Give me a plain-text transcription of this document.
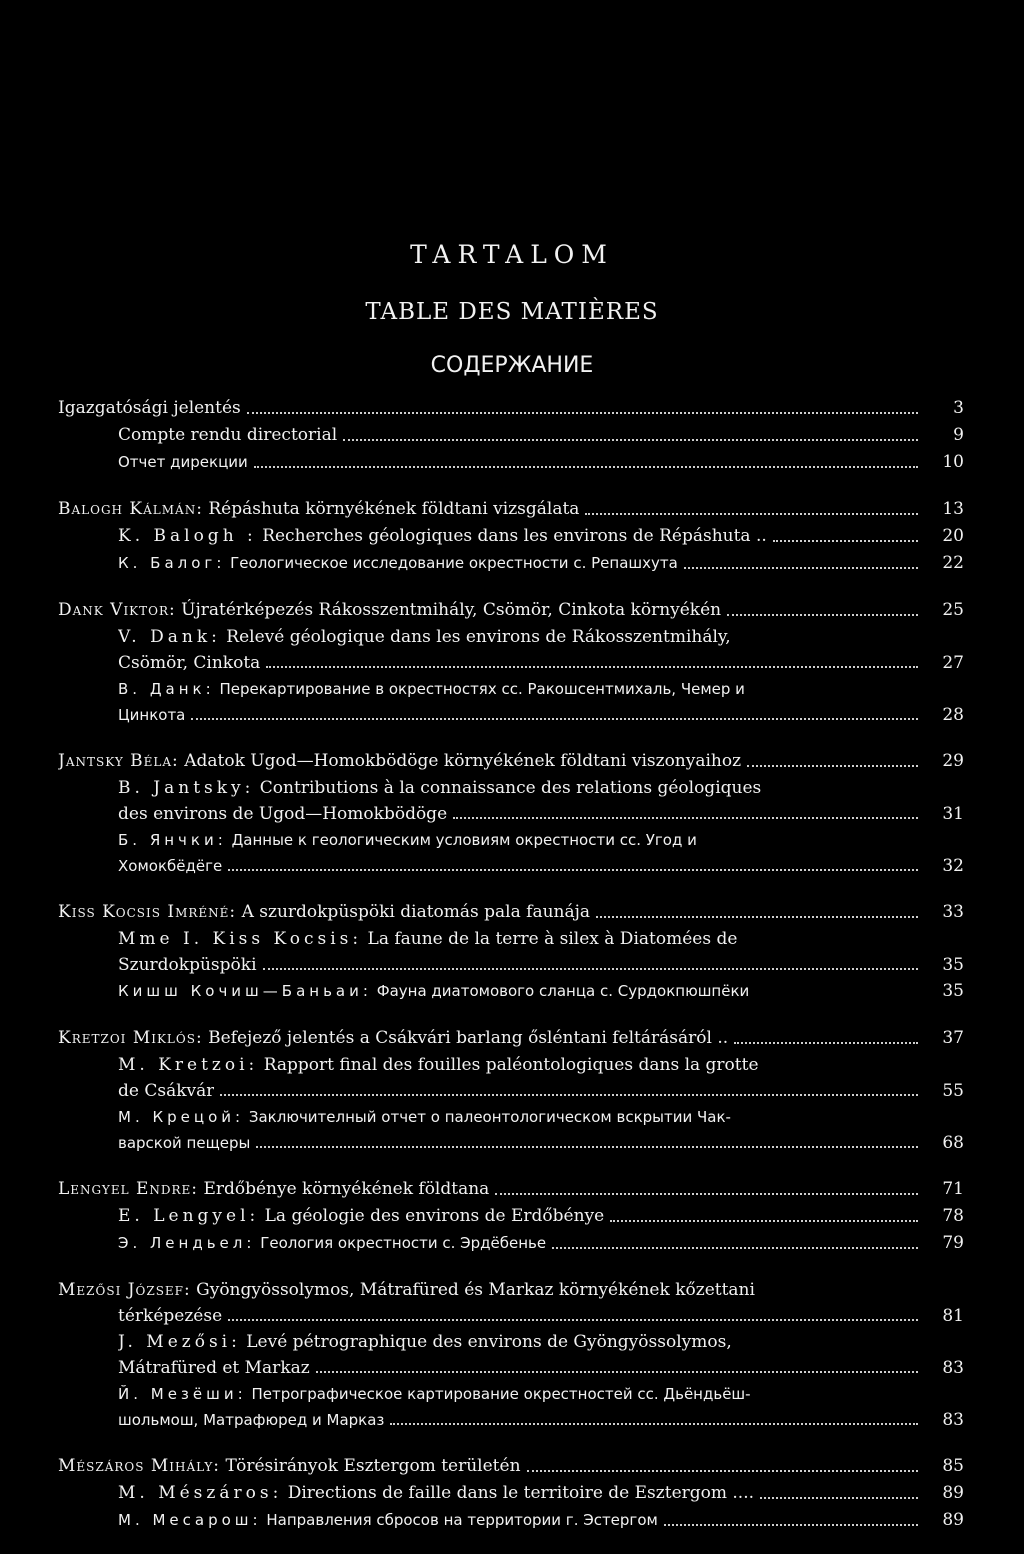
TARTALOM
TABLE DES MATIÈRES
СОДЕРЖАНИЕ
Igazgatósági jelentés	3
Compte rendu directorial	9
Отчет дирекции	10
Balogh Kálmán: Répáshuta környékének földtani vizsgálata	13
K. Balogh : Recherches géologiques dans les environs de Répáshuta ..	20
К. Балог: Геологическое исследование окрестности с. Репашхута	22
Dank Viktor: Újratérképezés Rákosszentmihály, Csömör, Cinkota környékén	25
V. Dank: Relevé géologique dans les environs de Rákosszentmihály,
Csömör, Cinkota	27
В. Данк: Перекартирование в окрестностях сс. Ракошсентмихаль, Чемер и
Цинкота	28
Jantsky Béla: Adatok Ugod—Homokbödöge környékének földtani viszonyaihoz	29
B. Jantsky: Contributions à la connaissance des relations géologiques
des environs de Ugod—Homokbödöge	31
Б. Янчки: Данные к геологическим условиям окрестности сс. Угод и
Хомокбёдёге	32
Kiss Kocsis Imréné: A szurdokpüspöki diatomás pala faunája	33
Mme I. Kiss Kocsis: La faune de la terre à silex à Diatomées de
Szurdokpüspöki	35
Кишш Кочиш—Баньаи: Фауна диатомового сланца с. Сурдокпюшпёки	35
Kretzoi Miklós: Befejező jelentés a Csákvári barlang ősléntani feltárásáról ..	37
M. Kretzoi: Rapport final des fouilles paléontologiques dans la grotte
de Csákvár	55
М. Крецой: Заключителный отчет о палеонтологическом вскрытии Чак-
варской пещеры	68
Lengyel Endre: Erdőbénye környékének földtana	71
E. Lengyel: La géologie des environs de Erdőbénye	78
Э. Лендьел: Геология окрестности с. Эрдёбенье	79
Mezősi József: Gyöngyössolymos, Mátrafüred és Markaz környékének kőzettani
térképezése	81
J. Mezősi: Levé pétrographique des environs de Gyöngyössolymos,
Mátrafüred et Markaz	83
Й. Мезёши: Петрографическое картирование окрестностей сс. Дьёндьёш-
шольмош, Матрафюред и Марказ	83
Mészáros Mihály: Törésirányok Esztergom területén	85
M. Mészáros: Directions de faille dans le territoire de Esztergom ....	89
М. Месарош: Направления сбросов на территории г. Эстергом	89
